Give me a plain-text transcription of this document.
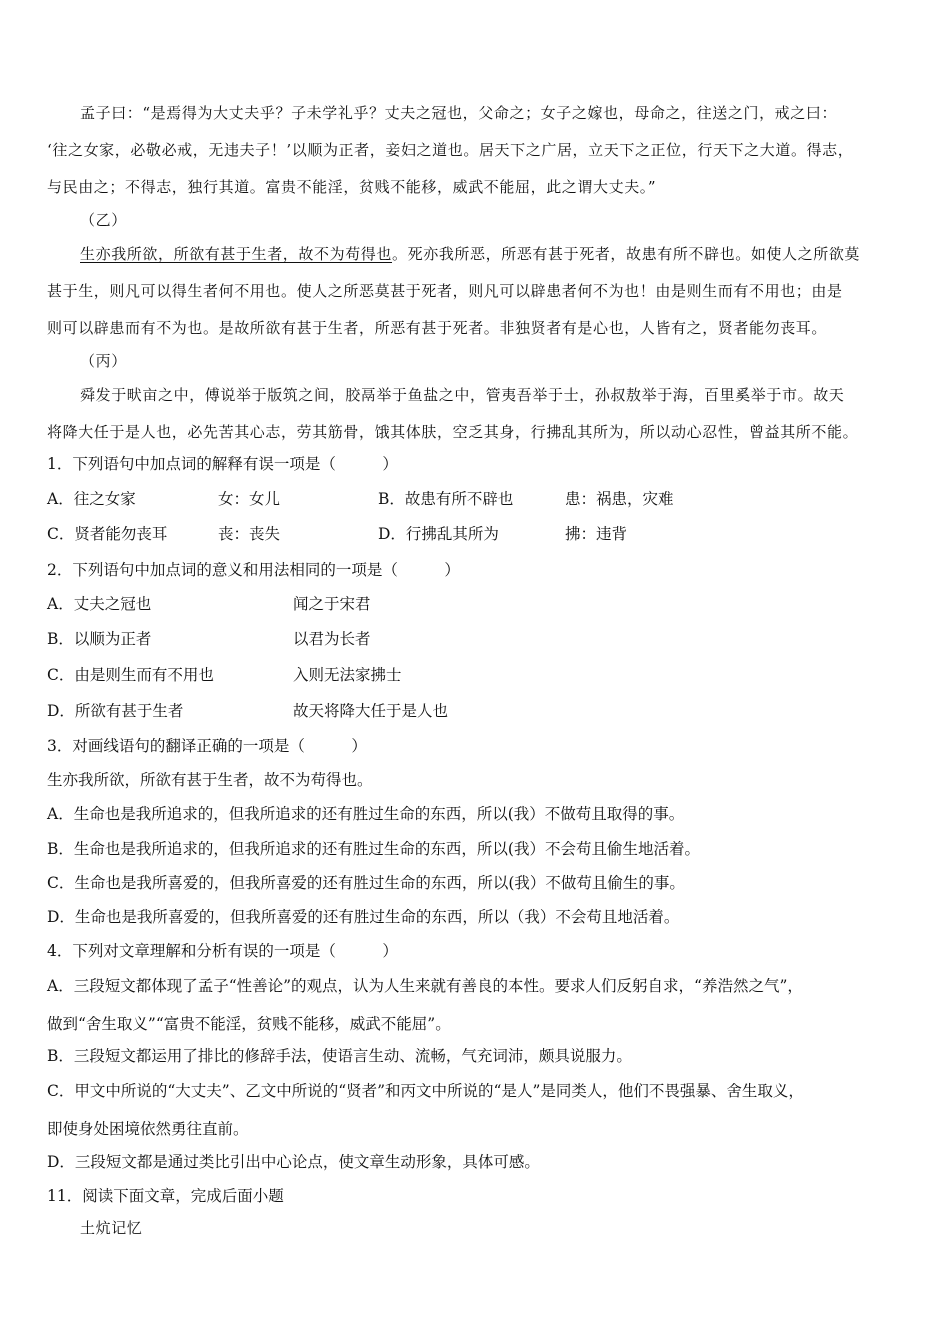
孟子曰：“是焉得为大丈夫乎？子未学礼乎？丈夫之冠也，父命之；女子之嫁也，母命之，往送之门，戒之曰：
‘往之女家，必敬必戒，无违夫子！’以顺为正者，妾妇之道也。居天下之广居，立天下之正位，行天下之大道。得志，
与民由之；不得志，独行其道。富贵不能淫，贫贱不能移，威武不能屈，此之谓大丈夫。”
（乙）
生亦我所欲，所欲有甚于生者，故不为苟得也。死亦我所恶，所恶有甚于死者，故患有所不辟也。如使人之所欲莫
甚于生，则凡可以得生者何不用也。使人之所恶莫甚于死者，则凡可以辟患者何不为也！由是则生而有不用也；由是
则可以辟患而有不为也。是故所欲有甚于生者，所恶有甚于死者。非独贤者有是心也，人皆有之，贤者能勿丧耳。
（丙）
舜发于畎亩之中，傅说举于版筑之间，胶鬲举于鱼盐之中，管夷吾举于士，孙叔敖举于海，百里奚举于市。故天
将降大任于是人也，必先苦其心志，劳其筋骨，饿其体肤，空乏其身，行拂乱其所为，所以动心忍性，曾益其所不能。
1．下列语句中加点词的解释有误一项是（　　　）
A．往之女家	女：女儿	B．故患有所不辟也	患：祸患，灾难
C．贤者能勿丧耳	丧：丧失	D．行拂乱其所为	拂：违背
2．下列语句中加点词的意义和用法相同的一项是（　　　）
A．丈夫之冠也	闻之于宋君
B．以顺为正者	以君为长者
C．由是则生而有不用也	入则无法家拂士
D．所欲有甚于生者	故天将降大任于是人也
3．对画线语句的翻译正确的一项是（　　　）
生亦我所欲，所欲有甚于生者，故不为苟得也。
A．生命也是我所追求的，但我所追求的还有胜过生命的东西，所以(我）不做苟且取得的事。
B．生命也是我所追求的，但我所追求的还有胜过生命的东西，所以(我）不会苟且偷生地活着。
C．生命也是我所喜爱的，但我所喜爱的还有胜过生命的东西，所以(我）不做苟且偷生的事。
D．生命也是我所喜爱的，但我所喜爱的还有胜过生命的东西，所以（我）不会苟且地活着。
4．下列对文章理解和分析有误的一项是（　　　）
A．三段短文都体现了孟子“性善论”的观点，认为人生来就有善良的本性。要求人们反躬自求，“养浩然之气”，
做到“舍生取义”“富贵不能淫，贫贱不能移，威武不能屈”。
B．三段短文都运用了排比的修辞手法，使语言生动、流畅，气充词沛，颇具说服力。
C．甲文中所说的“大丈夫”、乙文中所说的“贤者”和丙文中所说的“是人”是同类人，他们不畏强暴、舍生取义，
即使身处困境依然勇往直前。
D．三段短文都是通过类比引出中心论点，使文章生动形象，具体可感。
11．阅读下面文章，完成后面小题
土炕记忆
